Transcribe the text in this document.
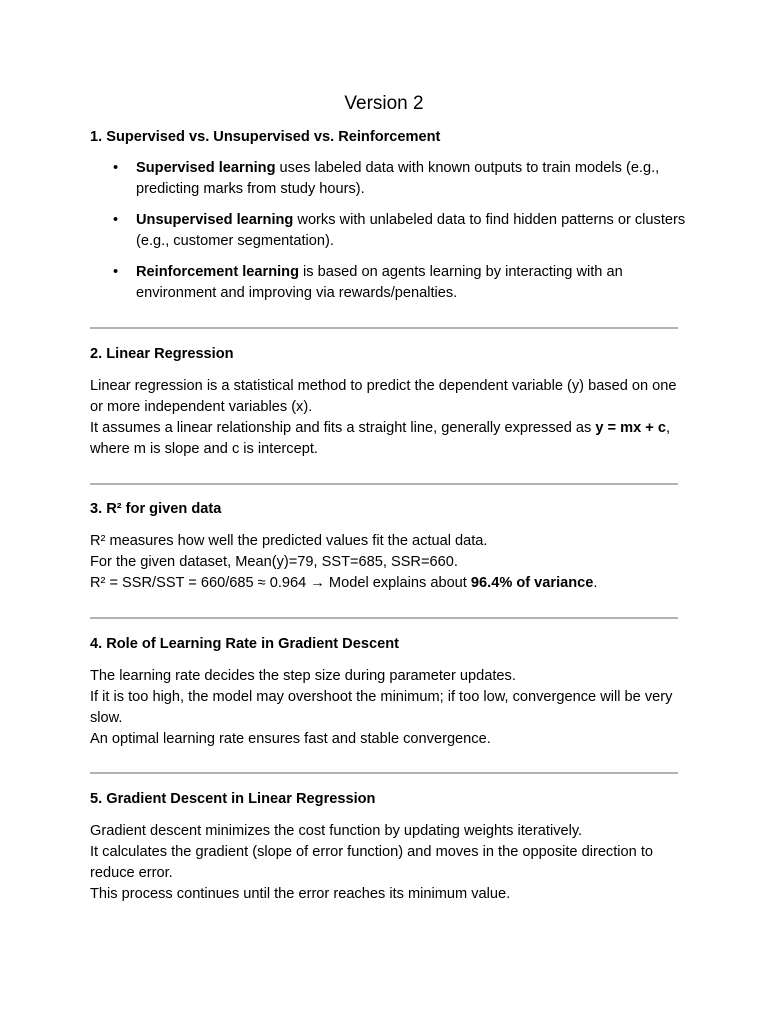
Version 2
1. Supervised vs. Unsupervised vs. Reinforcement
• Supervised learning uses labeled data with known outputs to train models (e.g., predicting marks from study hours).
• Unsupervised learning works with unlabeled data to find hidden patterns or clusters (e.g., customer segmentation).
• Reinforcement learning is based on agents learning by interacting with an environment and improving via rewards/penalties.
2. Linear Regression

Linear regression is a statistical method to predict the dependent variable (y) based on one or more independent variables (x).
It assumes a linear relationship and fits a straight line, generally expressed as y = mx + c, where m is slope and c is intercept.

3. R² for given data

R² measures how well the predicted values fit the actual data.
For the given dataset, Mean(y)=79, SST=685, SSR=660.
R² = SSR/SST = 660/685 ≈ 0.964 → Model explains about 96.4% of variance.

4. Role of Learning Rate in Gradient Descent

The learning rate decides the step size during parameter updates.
If it is too high, the model may overshoot the minimum; if too low, convergence will be very slow.
An optimal learning rate ensures fast and stable convergence.

5. Gradient Descent in Linear Regression

Gradient descent minimizes the cost function by updating weights iteratively.
It calculates the gradient (slope of error function) and moves in the opposite direction to reduce error.
This process continues until the error reaches its minimum value.
